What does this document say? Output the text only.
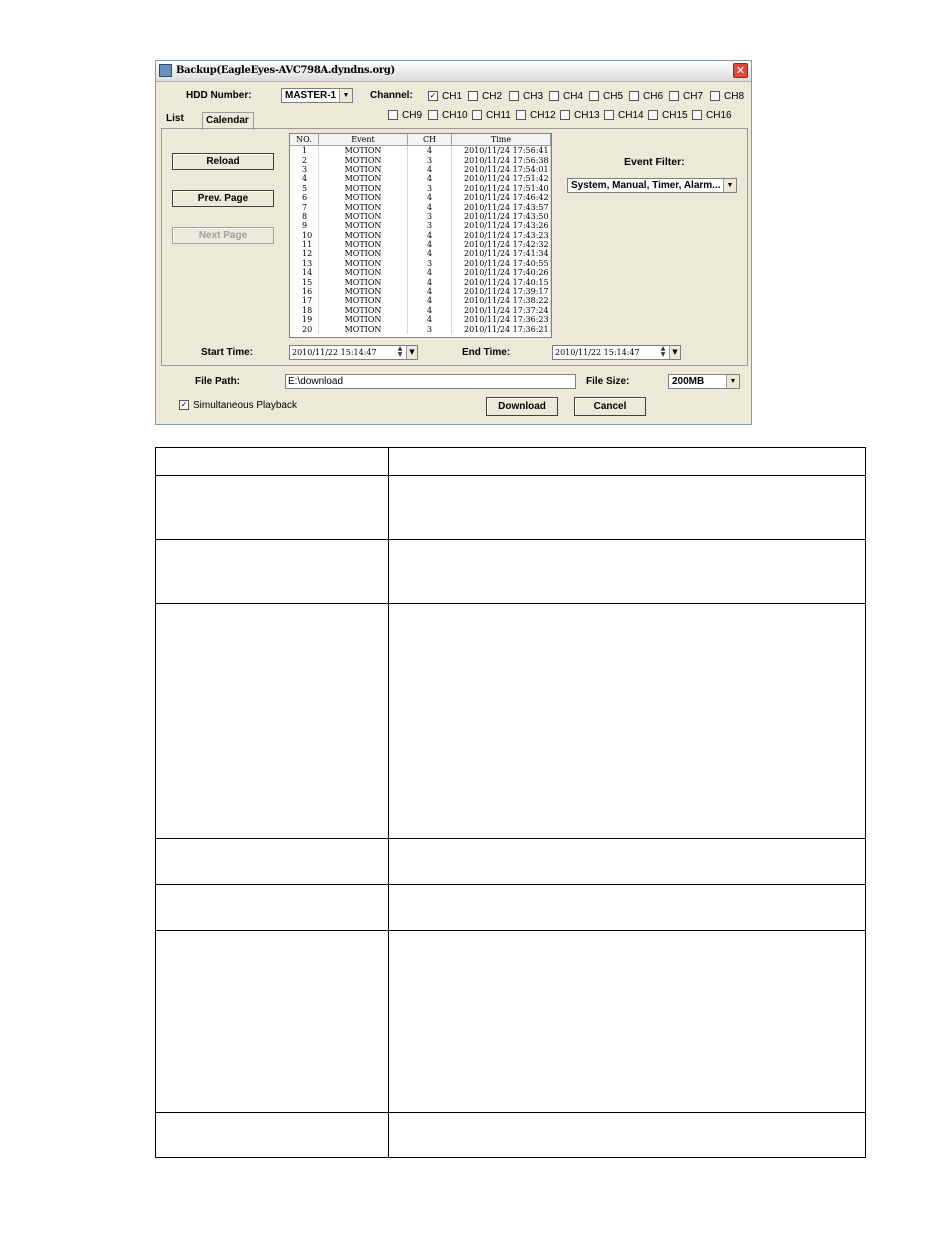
Backup(EagleEyes-AVC798A.dyndns.org)	✕
HDD Number:	MASTER-1 ▼ Channel:
List	Calendar
Reload
Prev. Page
Next Page
NO.	Event	CH	Time
1	MOTION	4	2010/11/24 17:56:41
2	MOTION	3	2010/11/24 17:56:38
3	MOTION	4	2010/11/24 17:54:01
4	MOTION	4	2010/11/24 17:51:42
5	MOTION	3	2010/11/24 17:51:40
6	MOTION	4	2010/11/24 17:46:42
7	MOTION	4	2010/11/24 17:43:57
8	MOTION	3	2010/11/24 17:43:50
9	MOTION	3	2010/11/24 17:43:26
10	MOTION	4	2010/11/24 17:43:23
11	MOTION	4	2010/11/24 17:42:32
12	MOTION	4	2010/11/24 17:41:34
13	MOTION	3	2010/11/24 17:40:55
14	MOTION	4	2010/11/24 17:40:26
15	MOTION	4	2010/11/24 17:40:15
16	MOTION	4	2010/11/24 17:39:17
17	MOTION	4	2010/11/24 17:38:22
18	MOTION	4	2010/11/24 17:37:24
19	MOTION	4	2010/11/24 17:36:23
20	MOTION	3	2010/11/24 17:36:21
Event Filter:
System, Manual, Timer, Alarm... ▼
Start Time:	2010/11/22 15:14:47	▲
▼ ▼	End Time:	2010/11/22 15:14:47	▲
▼ ▼
File Path:	E:\download	File Size:	200MB	▼
✓ Simultaneous Playback	Download	Cancel
✓ CH1 CH2 CH3 CH4 CH5 CH6 CH7 CH8
CH9 CH10 CH11 CH12 CH13 CH14 CH15 CH16
